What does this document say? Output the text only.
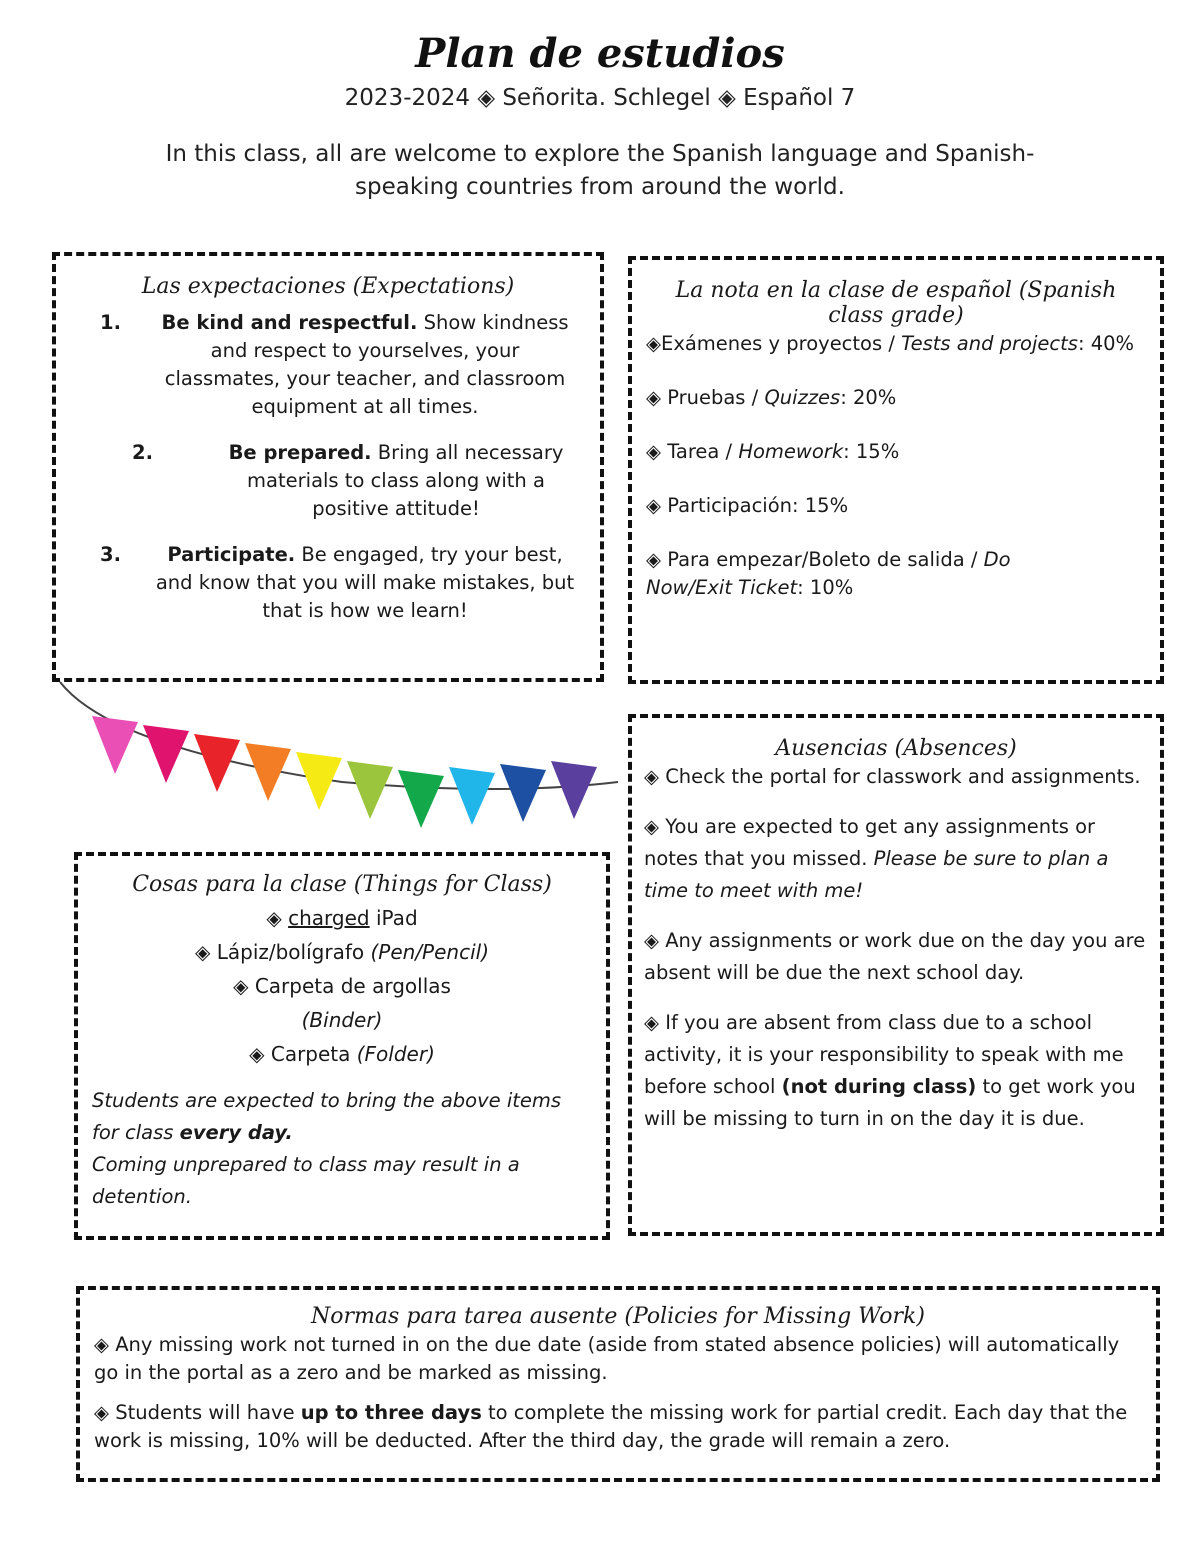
Plan de estudios
2023-2024 ◈ Señorita. Schlegel ◈ Español 7
In this class, all are welcome to explore the Spanish language and Spanish-speaking countries from around the world.
Las expectaciones (Expectations)
1.	Be kind and respectful. Show kindness and respect to yourselves, your classmates, your teacher, and classroom equipment at all times.
2.	Be prepared. Bring all necessary materials to class along with a positive attitude!
3.	Participate. Be engaged, try your best, and know that you will make mistakes, but that is how we learn!
La nota en la clase de español (Spanish class grade)
◈Exámenes y proyectos / Tests and projects: 40%
◈ Pruebas / Quizzes: 20%
◈ Tarea / Homework: 15%
◈ Participación: 15%
◈ Para empezar/Boleto de salida / Do Now/Exit Ticket: 10%
Cosas para la clase (Things for Class)
◈ charged iPad
◈ Lápiz/bolígrafo (Pen/Pencil)
◈ Carpeta de argollas
(Binder)
◈ Carpeta (Folder)
Students are expected to bring the above items for class every day.
Coming unprepared to class may result in a detention.
Ausencias (Absences)
◈ Check the portal for classwork and assignments.
◈ You are expected to get any assignments or notes that you missed. Please be sure to plan a time to meet with me!
◈ Any assignments or work due on the day you are absent will be due the next school day.
◈ If you are absent from class due to a school activity, it is your responsibility to speak with me before school (not during class) to get work you will be missing to turn in on the day it is due.
Normas para tarea ausente (Policies for Missing Work)
◈ Any missing work not turned in on the due date (aside from stated absence policies) will automatically go in the portal as a zero and be marked as missing.
◈ Students will have up to three days to complete the missing work for partial credit. Each day that the work is missing, 10% will be deducted. After the third day, the grade will remain a zero.
